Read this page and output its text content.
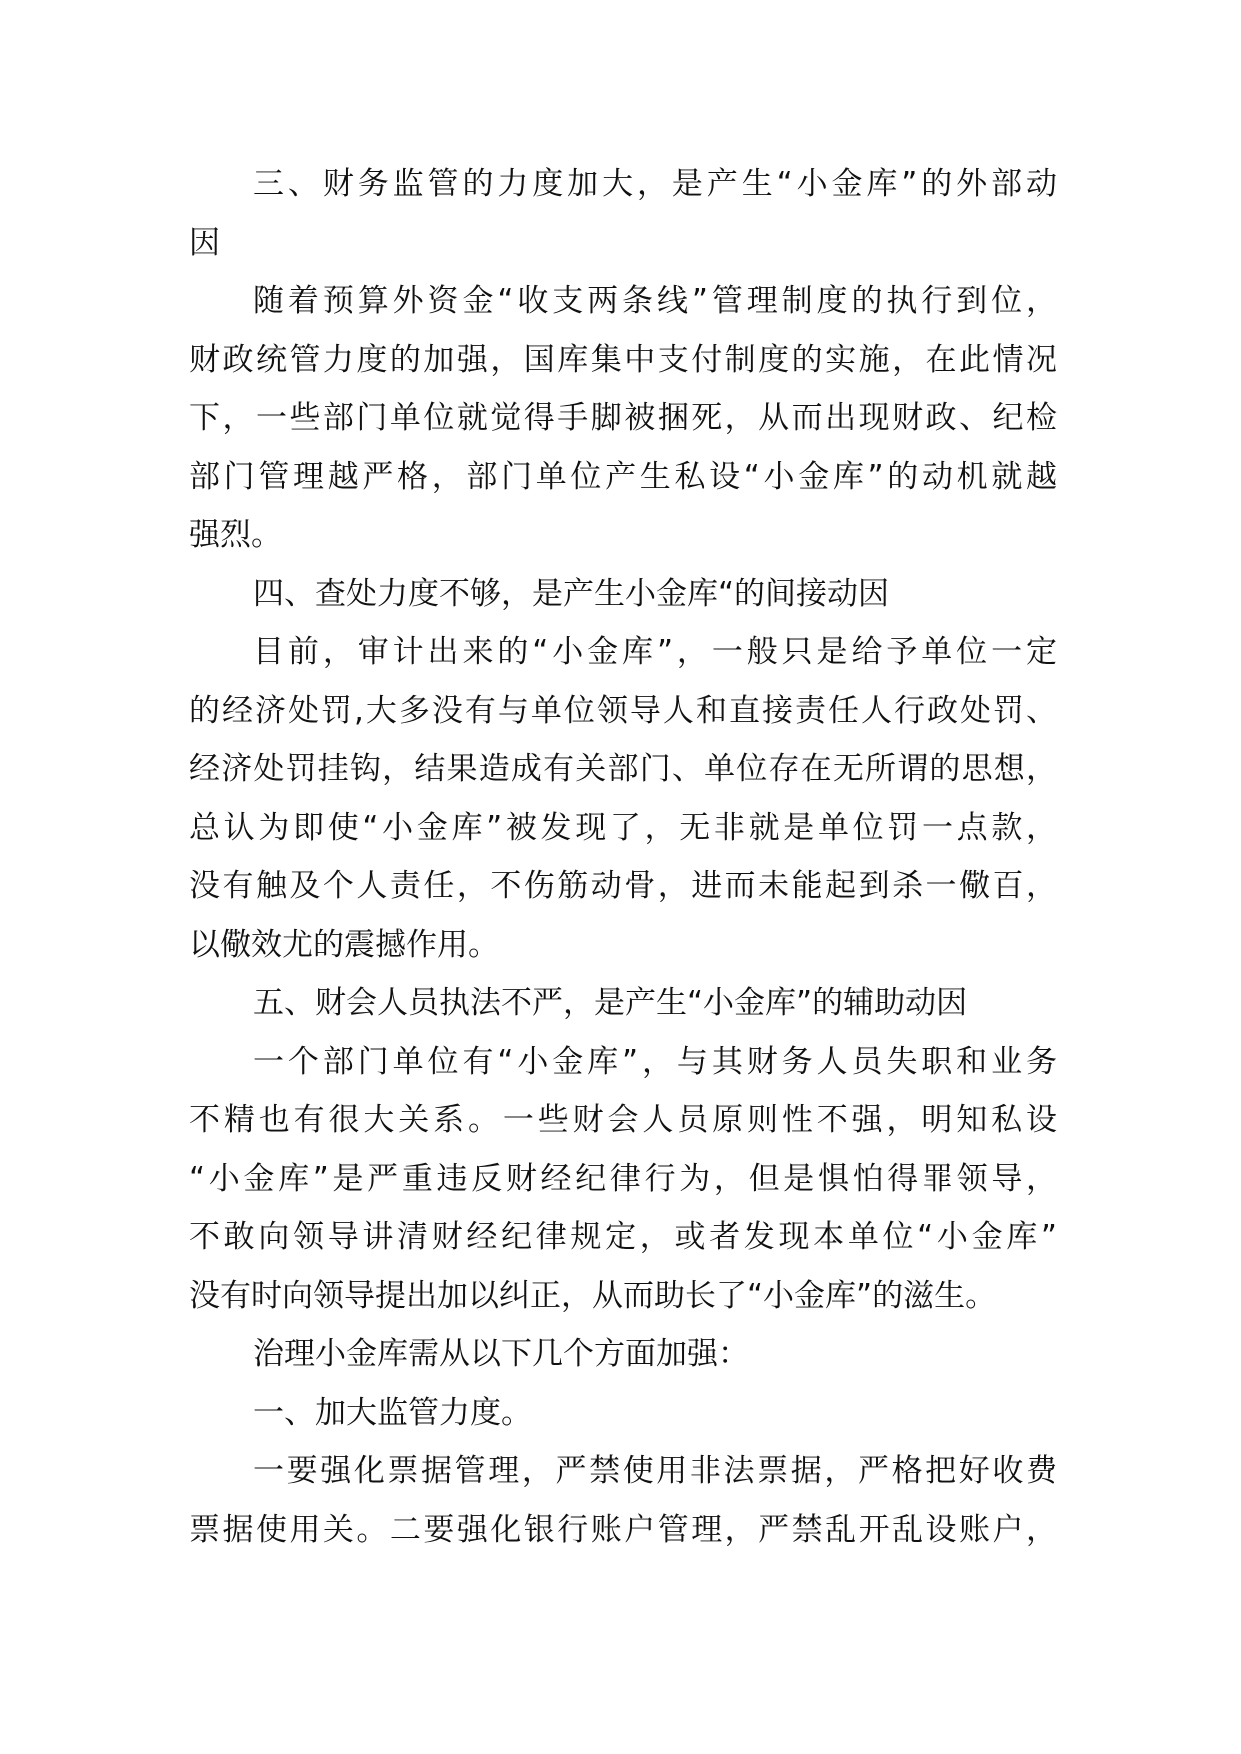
三、财务监管的力度加大，是产生“小金库”的外部动
因
随着预算外资金“收支两条线”管理制度的执行到位，
财政统管力度的加强，国库集中支付制度的实施，在此情况
下，一些部门单位就觉得手脚被捆死，从而出现财政、纪检
部门管理越严格，部门单位产生私设“小金库”的动机就越
强烈。
四、查处力度不够，是产生小金库“的间接动因
目前，审计出来的“小金库”，一般只是给予单位一定
的经济处罚,大多没有与单位领导人和直接责任人行政处罚、
经济处罚挂钩，结果造成有关部门、单位存在无所谓的思想，
总认为即使“小金库”被发现了，无非就是单位罚一点款，
没有触及个人责任，不伤筋动骨，进而未能起到杀一儆百，
以儆效尤的震撼作用。
五、财会人员执法不严，是产生“小金库”的辅助动因
一个部门单位有“小金库”，与其财务人员失职和业务
不精也有很大关系。一些财会人员原则性不强，明知私设
“小金库”是严重违反财经纪律行为，但是惧怕得罪领导，
不敢向领导讲清财经纪律规定，或者发现本单位“小金库”
没有时向领导提出加以纠正，从而助长了“小金库”的滋生。
治理小金库需从以下几个方面加强：
一、加大监管力度。
一要强化票据管理，严禁使用非法票据，严格把好收费
票据使用关。二要强化银行账户管理，严禁乱开乱设账户，
